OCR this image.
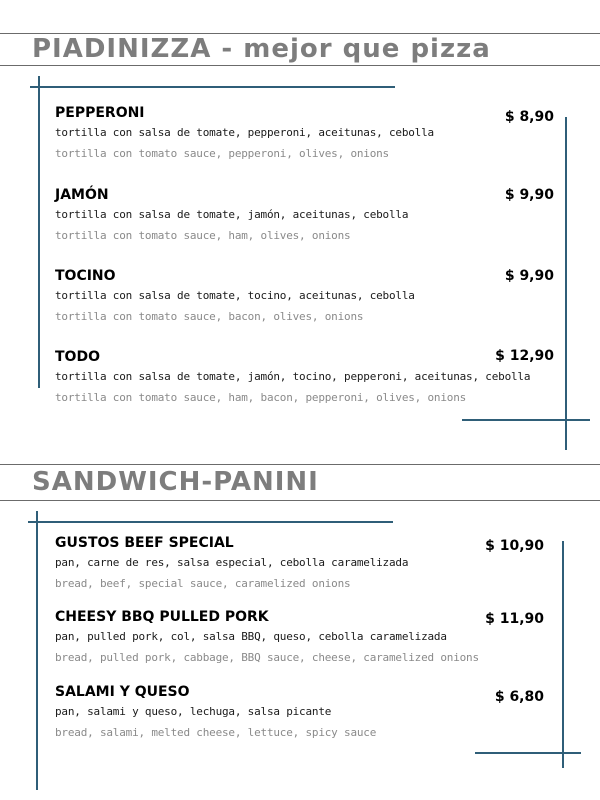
PIADINIZZA - mejor que pizza
PEPPERONI
tortilla con salsa de tomate, pepperoni, aceitunas, cebolla
tortilla con tomato sauce, pepperoni, olives, onions
$ 8,90
JAMÓN
tortilla con salsa de tomate, jamón, aceitunas, cebolla
tortilla con tomato sauce, ham, olives, onions
$ 9,90
TOCINO
tortilla con salsa de tomate, tocino, aceitunas, cebolla
tortilla con tomato sauce, bacon, olives, onions
$ 9,90
TODO
tortilla con salsa de tomate, jamón, tocino, pepperoni, aceitunas, cebolla
tortilla con tomato sauce, ham, bacon, pepperoni, olives, onions
$ 12,90
SANDWICH-PANINI
GUSTOS BEEF SPECIAL
pan, carne de res, salsa especial, cebolla caramelizada
bread, beef, special sauce, caramelized onions
$ 10,90
CHEESY BBQ PULLED PORK
pan, pulled pork, col, salsa BBQ, queso, cebolla caramelizada
bread, pulled pork, cabbage, BBQ sauce, cheese, caramelized onions
$ 11,90
SALAMI Y QUESO
pan, salami y queso, lechuga, salsa picante
bread, salami, melted cheese, lettuce, spicy sauce
$ 6,80
